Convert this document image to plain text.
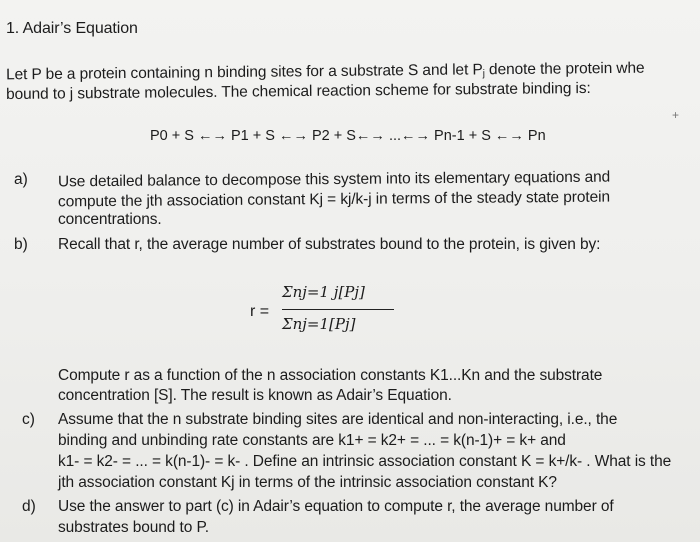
1. Adair’s Equation
Let P be a protein containing n binding sites for a substrate S and let $P_j$ denote the protein whe
bound to j substrate molecules. The chemical reaction scheme for substrate binding is:
+
P0 + S ←→ P1 + S ←→ P2 + S←→ ...←→ Pn-1 + S ←→ Pn
a) Use detailed balance to decompose this system into its elementary equations and
compute the jth association constant Kj = kj/k-j in terms of the steady state protein
concentrations.
b) Recall that r, the average number of substrates bound to the protein, is given by:
r =
Σnj=1 j[Pj]
Σnj=1[Pj]
Compute r as a function of the n association constants K1...Kn and the substrate
concentration [S]. The result is known as Adair’s Equation.
c) Assume that the n substrate binding sites are identical and non-interacting, i.e., the
binding and unbinding rate constants are k1+ = k2+ = ... = k(n-1)+ = k+ and
k1- = k2- = ... = k(n-1)- = k- . Define an intrinsic association constant K = k+/k- . What is the
jth association constant Kj in terms of the intrinsic association constant K?
d) Use the answer to part (c) in Adair’s equation to compute r, the average number of
substrates bound to P.
